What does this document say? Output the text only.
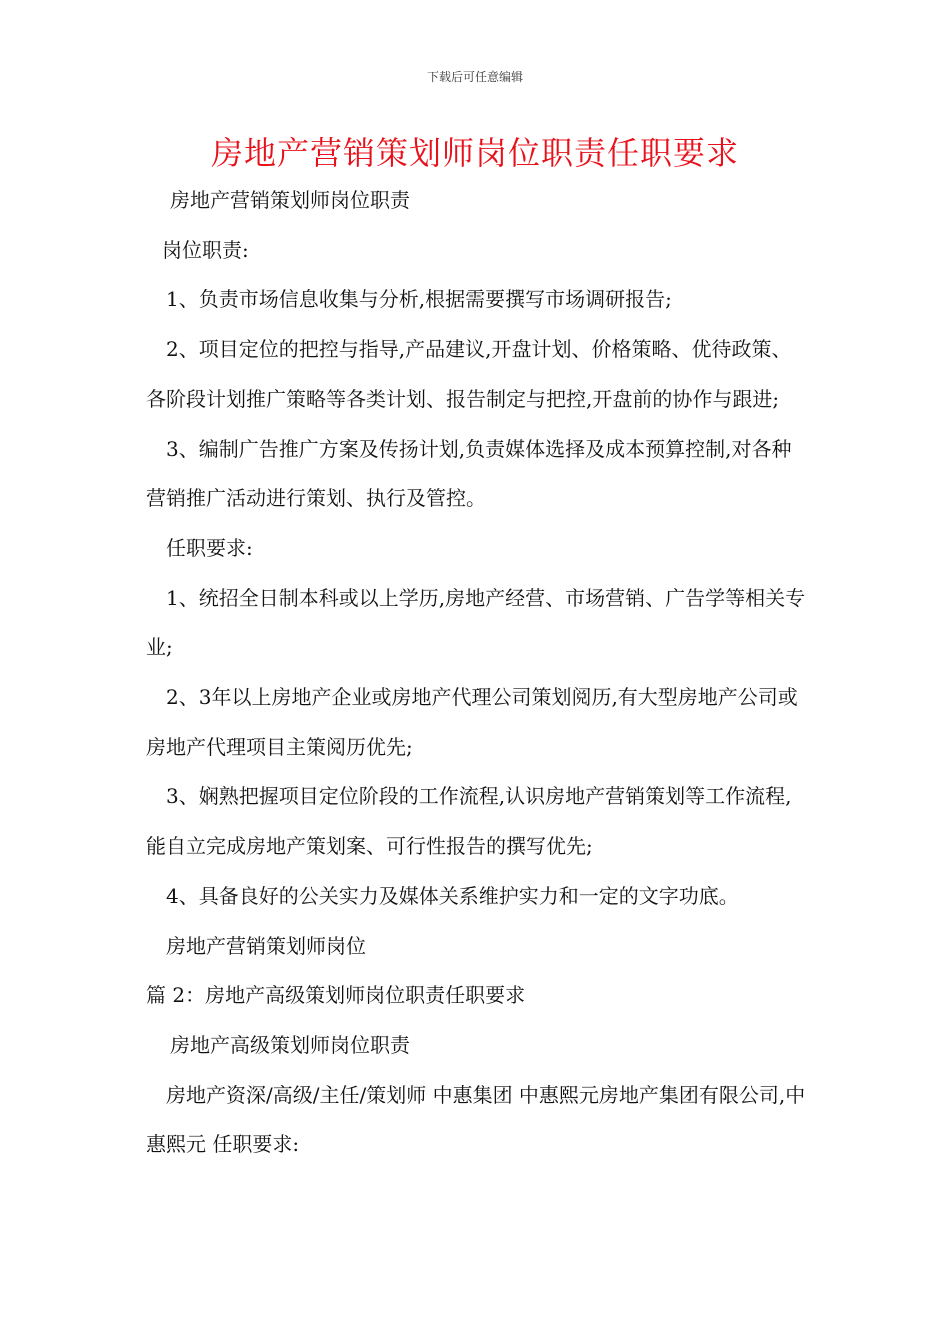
下载后可任意编辑
房地产营销策划师岗位职责任职要求

房地产营销策划师岗位职责

岗位职责:

1、负责市场信息收集与分析,根据需要撰写市场调研报告;

2、项目定位的把控与指导,产品建议,开盘计划、价格策略、优待政策、各阶段计划推广策略等各类计划、报告制定与把控,开盘前的协作与跟进;

3、编制广告推广方案及传扬计划,负责媒体选择及成本预算控制,对各种营销推广活动进行策划、执行及管控。

任职要求:

1、统招全日制本科或以上学历,房地产经营、市场营销、广告学等相关专业;

2、3年以上房地产企业或房地产代理公司策划阅历,有大型房地产公司或房地产代理项目主策阅历优先;

3、娴熟把握项目定位阶段的工作流程,认识房地产营销策划等工作流程,能自立完成房地产策划案、可行性报告的撰写优先;

4、具备良好的公关实力及媒体关系维护实力和一定的文字功底。

房地产营销策划师岗位

篇 2：房地产高级策划师岗位职责任职要求

房地产高级策划师岗位职责

房地产资深/高级/主任/策划师 中惠集团 中惠熙元房地产集团有限公司,中惠熙元 任职要求:
